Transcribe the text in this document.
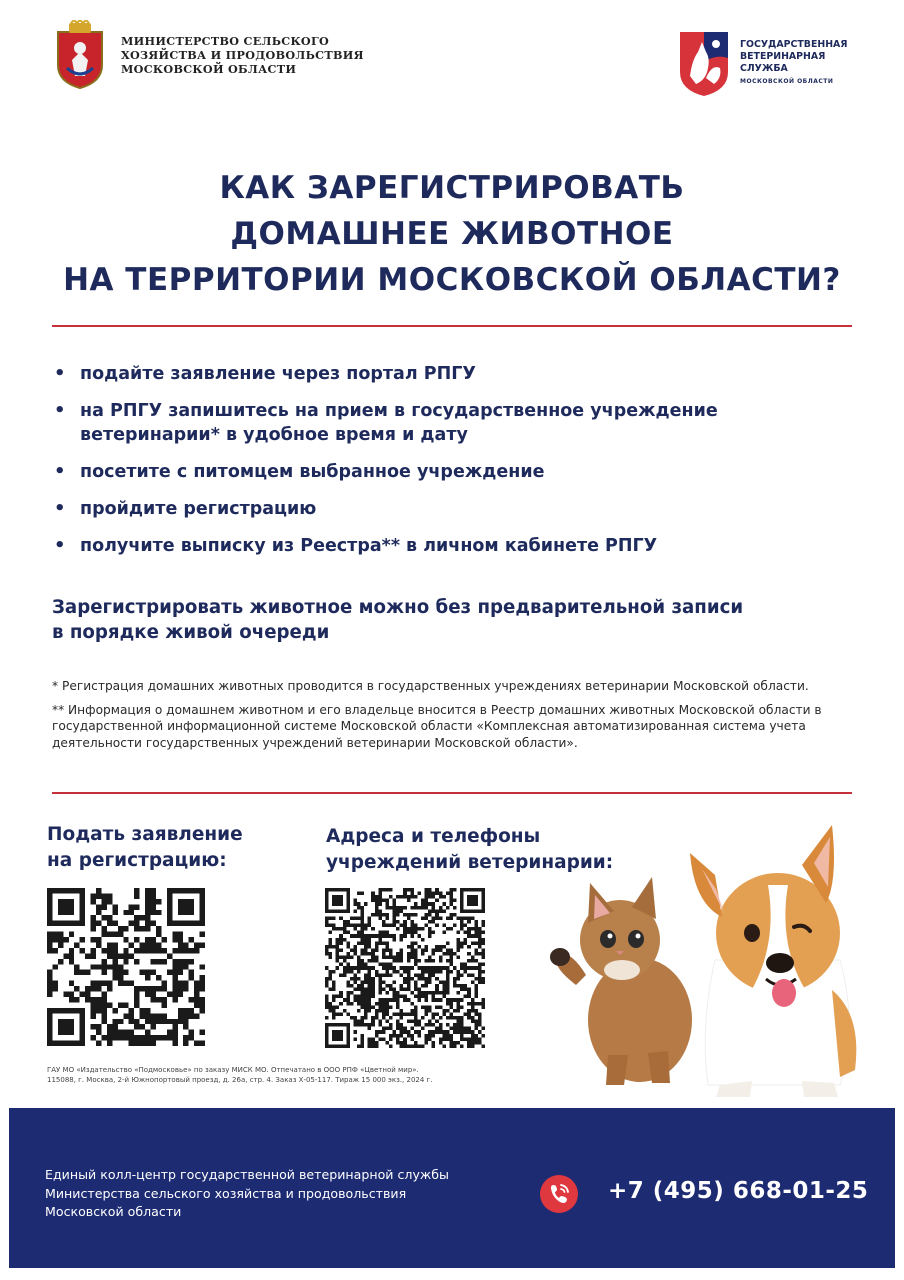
МИНИСТЕРСТВО СЕЛЬСКОГО
ХОЗЯЙСТВА И ПРОДОВОЛЬСТВИЯ
МОСКОВСКОЙ ОБЛАСТИ
ГОСУДАРСТВЕННАЯ
ВЕТЕРИНАРНАЯ
СЛУЖБА
МОСКОВСКОЙ ОБЛАСТИ
КАК ЗАРЕГИСТРИРОВАТЬ
ДОМАШНЕЕ ЖИВОТНОЕ
НА ТЕРРИТОРИИ МОСКОВСКОЙ ОБЛАСТИ?
• подайте заявление через портал РПГУ
• на РПГУ запишитесь на прием в государственное учреждение ветеринарии* в удобное время и дату
• посетите с питомцем выбранное учреждение
• пройдите регистрацию
• получите выписку из Реестра** в личном кабинете РПГУ
Зарегистрировать животное можно без предварительной записи
в порядке живой очереди

* Регистрация домашних животных проводится в государственных учреждениях ветеринарии Московской области.

** Информация о домашнем животном и его владельце вносится в Реестр домашних животных Московской области в государственной информационной системе Московской области «Комплексная автоматизированная система учета деятельности государственных учреждений ветеринарии Московской области».

Подать заявление
на регистрацию:
Адреса и телефоны
учреждений ветеринарии:
ГАУ МО «Издательство «Подмосковье» по заказу МИСК МО. Отпечатано в ООО РПФ «Цветной мир».
115088, г. Москва, 2-й Южнопортовый проезд, д. 26а, стр. 4. Заказ Х-05-117. Тираж 15 000 экз., 2024 г.
Единый колл-центр государственной ветеринарной службы
Министерства сельского хозяйства и продовольствия
Московской области
+7 (495) 668-01-25
